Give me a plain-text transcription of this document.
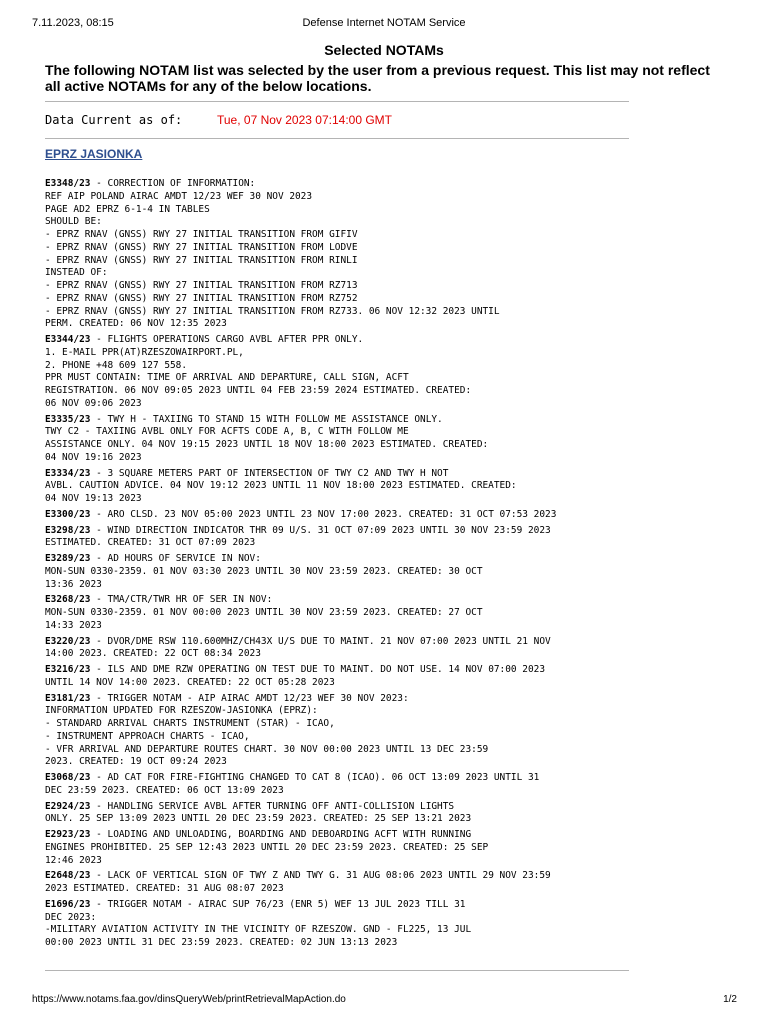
7.11.2023, 08:15	Defense Internet NOTAM Service
Selected NOTAMs
The following NOTAM list was selected by the user from a previous request. This list may not reflect all active NOTAMs for any of the below locations.
Data Current as of:	Tue, 07 Nov 2023 07:14:00 GMT
EPRZ JASIONKA
E3348/23 - CORRECTION OF INFORMATION:
REF AIP POLAND AIRAC AMDT 12/23 WEF 30 NOV 2023
PAGE AD2 EPRZ 6-1-4 IN TABLES
SHOULD BE:
- EPRZ RNAV (GNSS) RWY 27 INITIAL TRANSITION FROM GIFIV
- EPRZ RNAV (GNSS) RWY 27 INITIAL TRANSITION FROM LODVE
- EPRZ RNAV (GNSS) RWY 27 INITIAL TRANSITION FROM RINLI
INSTEAD OF:
- EPRZ RNAV (GNSS) RWY 27 INITIAL TRANSITION FROM RZ713
- EPRZ RNAV (GNSS) RWY 27 INITIAL TRANSITION FROM RZ752
- EPRZ RNAV (GNSS) RWY 27 INITIAL TRANSITION FROM RZ733. 06 NOV 12:32 2023 UNTIL
PERM. CREATED: 06 NOV 12:35 2023
E3344/23 - FLIGHTS OPERATIONS CARGO AVBL AFTER PPR ONLY.
1. E-MAIL PPR(AT)RZESZOWAIRPORT.PL,
2. PHONE +48 609 127 558.
PPR MUST CONTAIN: TIME OF ARRIVAL AND DEPARTURE, CALL SIGN, ACFT
REGISTRATION. 06 NOV 09:05 2023 UNTIL 04 FEB 23:59 2024 ESTIMATED. CREATED:
06 NOV 09:06 2023
E3335/23 - TWY H - TAXIING TO STAND 15 WITH FOLLOW ME ASSISTANCE ONLY.
TWY C2 - TAXIING AVBL ONLY FOR ACFTS CODE A, B, C WITH FOLLOW ME
ASSISTANCE ONLY. 04 NOV 19:15 2023 UNTIL 18 NOV 18:00 2023 ESTIMATED. CREATED:
04 NOV 19:16 2023
E3334/23 - 3 SQUARE METERS PART OF INTERSECTION OF TWY C2 AND TWY H NOT
AVBL. CAUTION ADVICE. 04 NOV 19:12 2023 UNTIL 11 NOV 18:00 2023 ESTIMATED. CREATED:
04 NOV 19:13 2023
E3300/23 - ARO CLSD. 23 NOV 05:00 2023 UNTIL 23 NOV 17:00 2023. CREATED: 31 OCT 07:53 2023
E3298/23 - WIND DIRECTION INDICATOR THR 09 U/S. 31 OCT 07:09 2023 UNTIL 30 NOV 23:59 2023
ESTIMATED. CREATED: 31 OCT 07:09 2023
E3289/23 - AD HOURS OF SERVICE IN NOV:
MON-SUN 0330-2359. 01 NOV 03:30 2023 UNTIL 30 NOV 23:59 2023. CREATED: 30 OCT
13:36 2023
E3268/23 - TMA/CTR/TWR HR OF SER IN NOV:
MON-SUN 0330-2359. 01 NOV 00:00 2023 UNTIL 30 NOV 23:59 2023. CREATED: 27 OCT
14:33 2023
E3220/23 - DVOR/DME RSW 110.600MHZ/CH43X U/S DUE TO MAINT. 21 NOV 07:00 2023 UNTIL 21 NOV
14:00 2023. CREATED: 22 OCT 08:34 2023
E3216/23 - ILS AND DME RZW OPERATING ON TEST DUE TO MAINT. DO NOT USE. 14 NOV 07:00 2023
UNTIL 14 NOV 14:00 2023. CREATED: 22 OCT 05:28 2023
E3181/23 - TRIGGER NOTAM - AIP AIRAC AMDT 12/23 WEF 30 NOV 2023:
INFORMATION UPDATED FOR RZESZOW-JASIONKA (EPRZ):
- STANDARD ARRIVAL CHARTS INSTRUMENT (STAR) - ICAO,
- INSTRUMENT APPROACH CHARTS - ICAO,
- VFR ARRIVAL AND DEPARTURE ROUTES CHART. 30 NOV 00:00 2023 UNTIL 13 DEC 23:59
2023. CREATED: 19 OCT 09:24 2023
E3068/23 - AD CAT FOR FIRE-FIGHTING CHANGED TO CAT 8 (ICAO). 06 OCT 13:09 2023 UNTIL 31
DEC 23:59 2023. CREATED: 06 OCT 13:09 2023
E2924/23 - HANDLING SERVICE AVBL AFTER TURNING OFF ANTI-COLLISION LIGHTS
ONLY. 25 SEP 13:09 2023 UNTIL 20 DEC 23:59 2023. CREATED: 25 SEP 13:21 2023
E2923/23 - LOADING AND UNLOADING, BOARDING AND DEBOARDING ACFT WITH RUNNING
ENGINES PROHIBITED. 25 SEP 12:43 2023 UNTIL 20 DEC 23:59 2023. CREATED: 25 SEP
12:46 2023
E2648/23 - LACK OF VERTICAL SIGN OF TWY Z AND TWY G. 31 AUG 08:06 2023 UNTIL 29 NOV 23:59
2023 ESTIMATED. CREATED: 31 AUG 08:07 2023
E1696/23 - TRIGGER NOTAM - AIRAC SUP 76/23 (ENR 5) WEF 13 JUL 2023 TILL 31
DEC 2023:
-MILITARY AVIATION ACTIVITY IN THE VICINITY OF RZESZOW. GND - FL225, 13 JUL
00:00 2023 UNTIL 31 DEC 23:59 2023. CREATED: 02 JUN 13:13 2023
https://www.notams.faa.gov/dinsQueryWeb/printRetrievalMapAction.do	1/2
